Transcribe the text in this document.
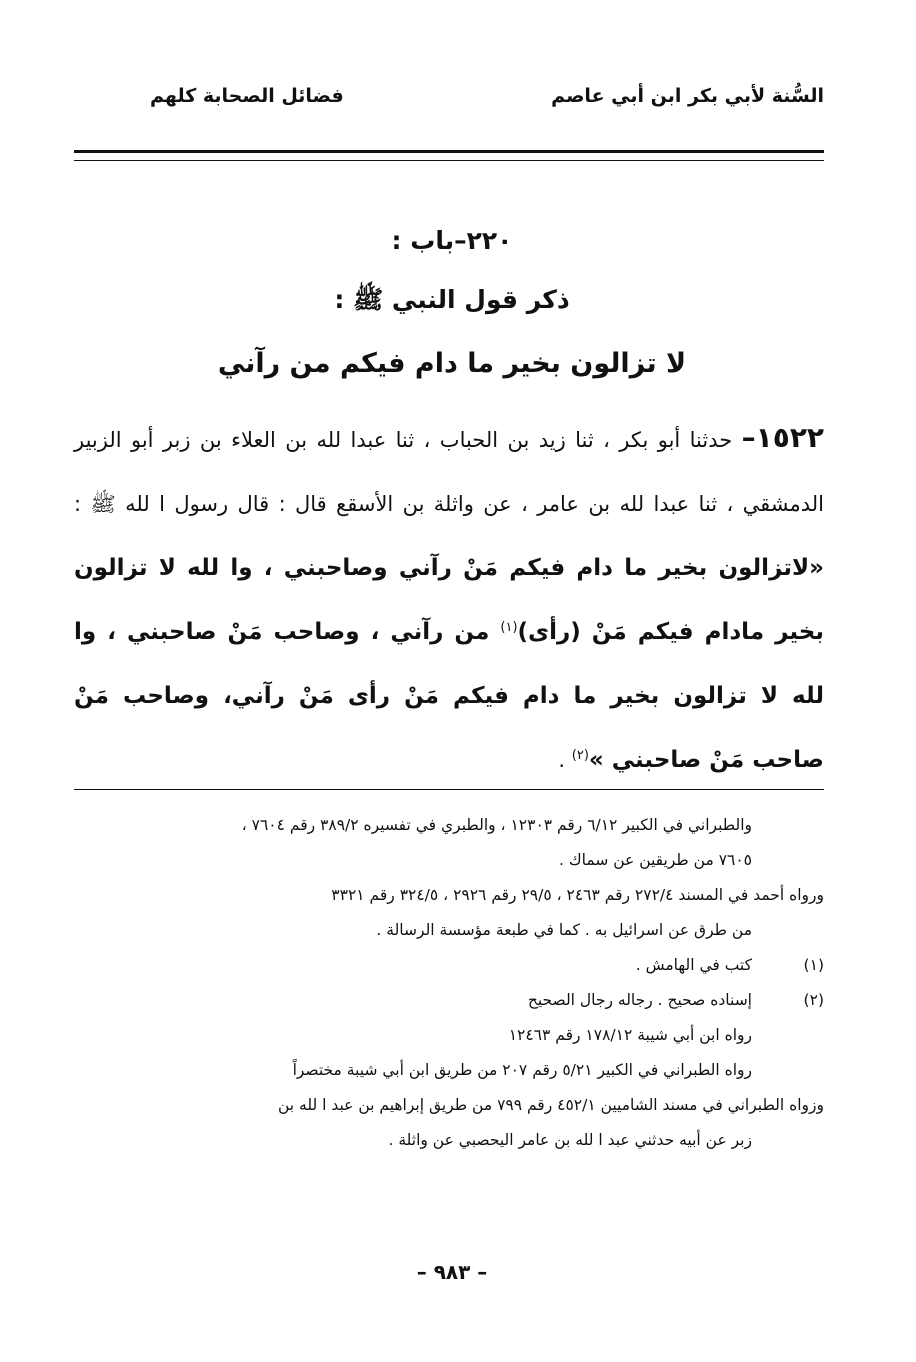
السُّنة لأبي بكر ابن أبي عاصم
فضائل الصحابة كلهم
٢٢٠–باب :
ذكر قول النبي ﷺ :
لا تزالون بخير ما دام فيكم من رآني
١٥٢٢– حدثنا أبو بكر ، ثنا زيد بن الحباب ، ثنا عبدا لله بن العلاء بن زبر أبو الزبير الدمشقي ، ثنا عبدا لله بن عامر ، عن واثلة بن الأسقع قال : قال رسول ا لله ﷺ : «لاتزالون بخير ما دام فيكم مَنْ رآني وصاحبني ، وا لله لا تزالون بخير مادام فيكم مَنْ (رأى)$^{(١)}$ من رآني ، وصاحب مَنْ صاحبني ، وا لله لا تزالون بخير ما دام فيكم مَنْ رأى مَنْ رآني، وصاحب مَنْ صاحب مَنْ صاحبني »$^{(٢)}$ .
والطبراني في الكبير ٦/١٢ رقم ١٢٣٠٣ ، والطبري في تفسيره ٣٨٩/٢ رقم ٧٦٠٤ ،
٧٦٠٥ من طريقين عن سماك .
ورواه أحمد في المسند ٢٧٢/٤ رقم ٢٤٦٣ ، ٢٩/٥ رقم ٢٩٢٦ ، ٣٢٤/٥ رقم ٣٣٢١
من طرق عن اسرائيل به . كما في طبعة مؤسسة الرسالة .
(١)
كتب في الهامش .
(٢)
إسناده صحيح . رجاله رجال الصحيح
رواه ابن أبي شيبة ١٧٨/١٢ رقم ١٢٤٦٣
رواه الطبراني في الكبير ٥/٢١ رقم ٢٠٧ من طريق ابن أبي شيبة مختصراً
وزواه الطبراني في مسند الشاميين ٤٥٢/١ رقم ٧٩٩ من طريق إبراهيم بن عبد ا لله بن
زبر عن أبيه حدثني عبد ا لله بن عامر اليحصبي عن واثلة .
– ٩٨٣ –
